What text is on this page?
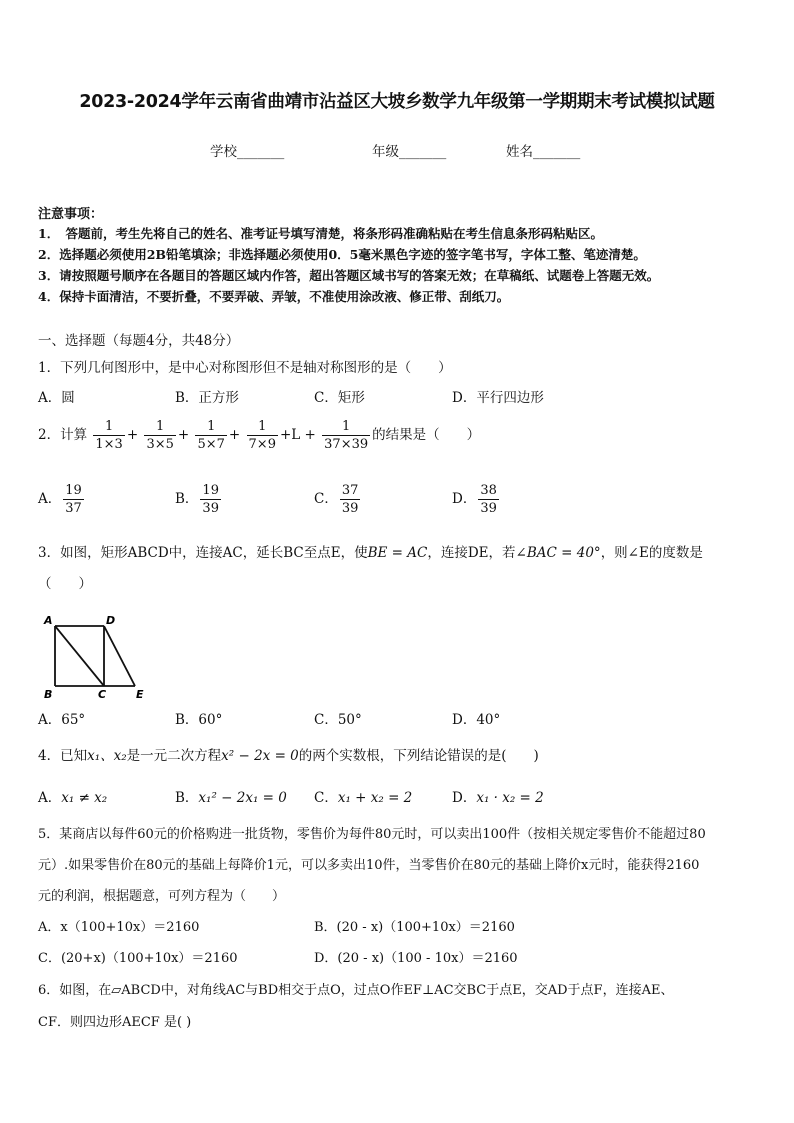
2023-2024学年云南省曲靖市沾益区大坡乡数学九年级第一学期期末考试模拟试题
学校_______	年级_______	姓名_______
注意事项：
1．　答题前，考生先将自己的姓名、准考证号填写清楚，将条形码准确粘贴在考生信息条形码粘贴区。
2．选择题必须使用2B铅笔填涂；非选择题必须使用0．5毫米黑色字迹的签字笔书写，字体工整、笔迹清楚。
3．请按照题号顺序在各题目的答题区域内作答，超出答题区域书写的答案无效；在草稿纸、试题卷上答题无效。
4．保持卡面清洁，不要折叠，不要弄破、弄皱，不准使用涂改液、修正带、刮纸刀。
一、选择题（每题4分，共48分）
1．下列几何图形中，是中心对称图形但不是轴对称图形的是（　　）
A．圆	B．正方形	C．矩形	D．平行四边形
2．计算 $\frac{1}{1\times 3} + \frac{1}{3\times 5} + \frac{1}{5\times 7} + \frac{1}{7\times 9} +L + \frac{1}{37\times 39}$ 的结果是（　　）
A． $\frac{19}{37}$	B． $\frac{19}{39}$	C． $\frac{37}{39}$	D． $\frac{38}{39}$
3．如图，矩形ABCD中，连接AC，延长BC至点E，使BE = AC，连接DE，若∠BAC = 40°，则∠E的度数是
（　　）
A	D
B	C	E
A．65°	B．60°	C．50°	D．40°
4．已知x₁、x₂是一元二次方程x² − 2x = 0的两个实数根，下列结论错误的是(　　)
A．x₁ ≠ x₂	B．x₁² − 2x₁ = 0 C．x₁ + x₂ = 2	D．x₁ · x₂ = 2
5．某商店以每件60元的价格购进一批货物，零售价为每件80元时，可以卖出100件（按相关规定零售价不能超过80
元）.如果零售价在80元的基础上每降价1元，可以多卖出10件，当零售价在80元的基础上降价x元时，能获得2160
元的利润，根据题意，可列方程为（　　）
A．x（100+10x）＝2160	B．(20 - x)（100+10x）＝2160
C．(20+x)（100+10x）＝2160	D．(20 - x)（100 - 10x）＝2160
6．如图，在▱ABCD中，对角线AC与BD相交于点O，过点O作EF⊥AC交BC于点E，交AD于点F，连接AE、
CF．则四边形AECF 是( )
